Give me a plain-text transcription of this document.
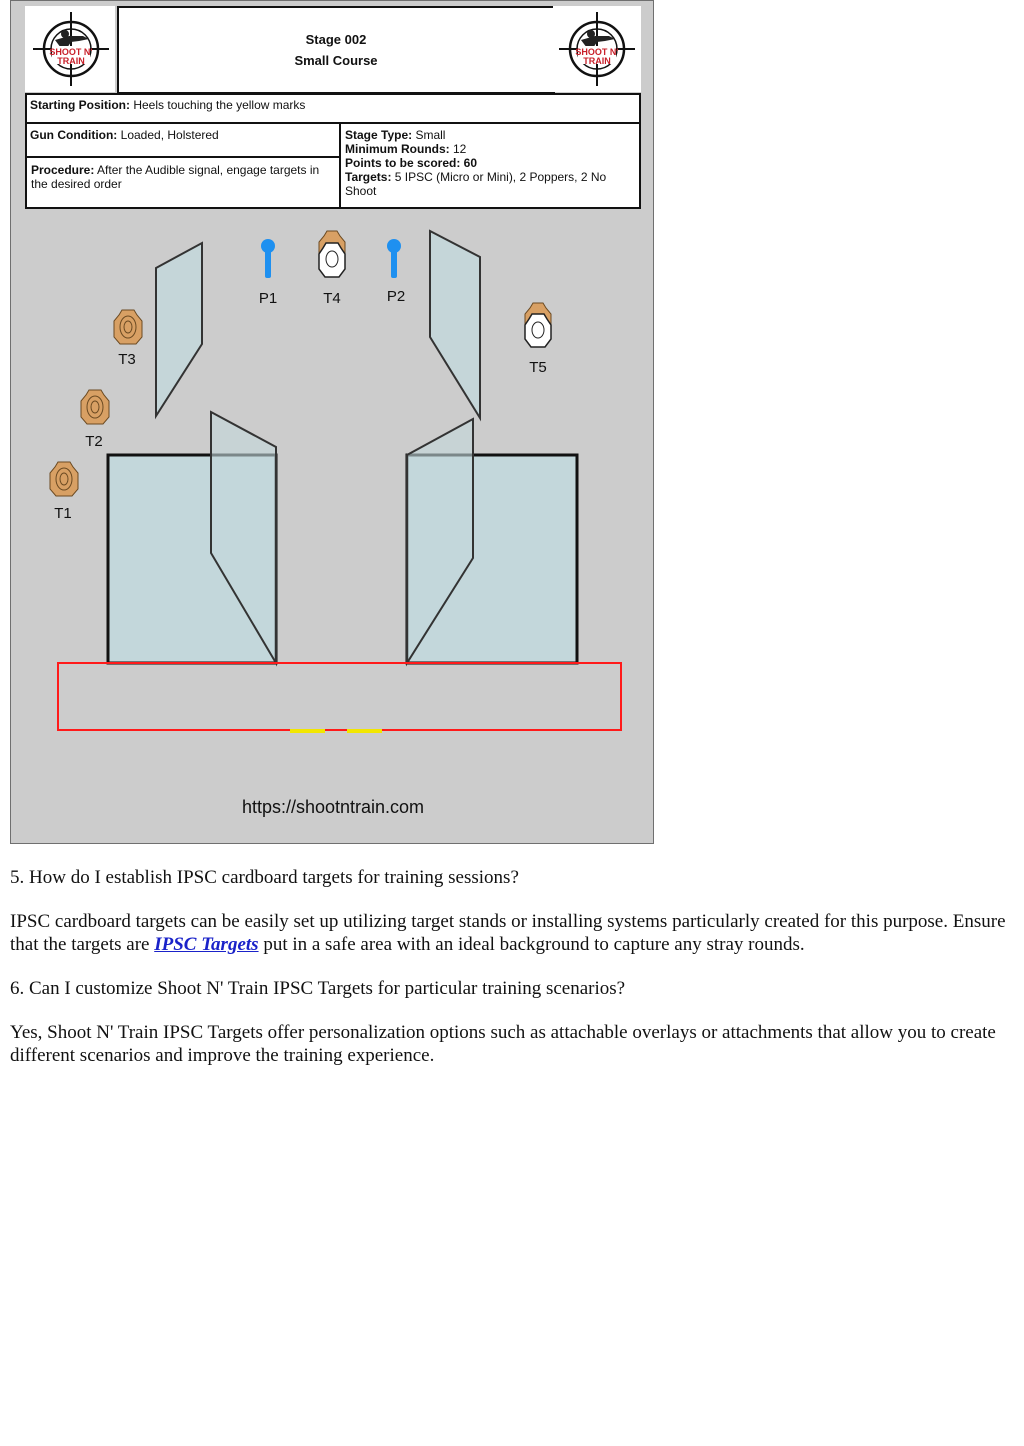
SHOOT N'
TRAIN
Stage 002
Small Course
SHOOT N'
TRAIN
Starting Position: Heels touching the yellow marks
Gun Condition: Loaded, Holstered
Procedure: After the Audible signal, engage targets in the desired order
Stage Type: Small
Minimum Rounds: 12
Points to be scored: 60
Targets: 5 IPSC (Micro or Mini), 2 Poppers, 2 No Shoot
P1	T4	P2
T3	T5
T2
T1
https://shootntrain.com

5. How do I establish IPSC cardboard targets for training sessions?

IPSC cardboard targets can be easily set up utilizing target stands or installing systems particularly created for this purpose. Ensure that the targets are IPSC Targets put in a safe area with an ideal background to capture any stray rounds.

6. Can I customize Shoot N' Train IPSC Targets for particular training scenarios?

Yes, Shoot N' Train IPSC Targets offer personalization options such as attachable overlays or attachments that allow you to create different scenarios and improve the training experience.
